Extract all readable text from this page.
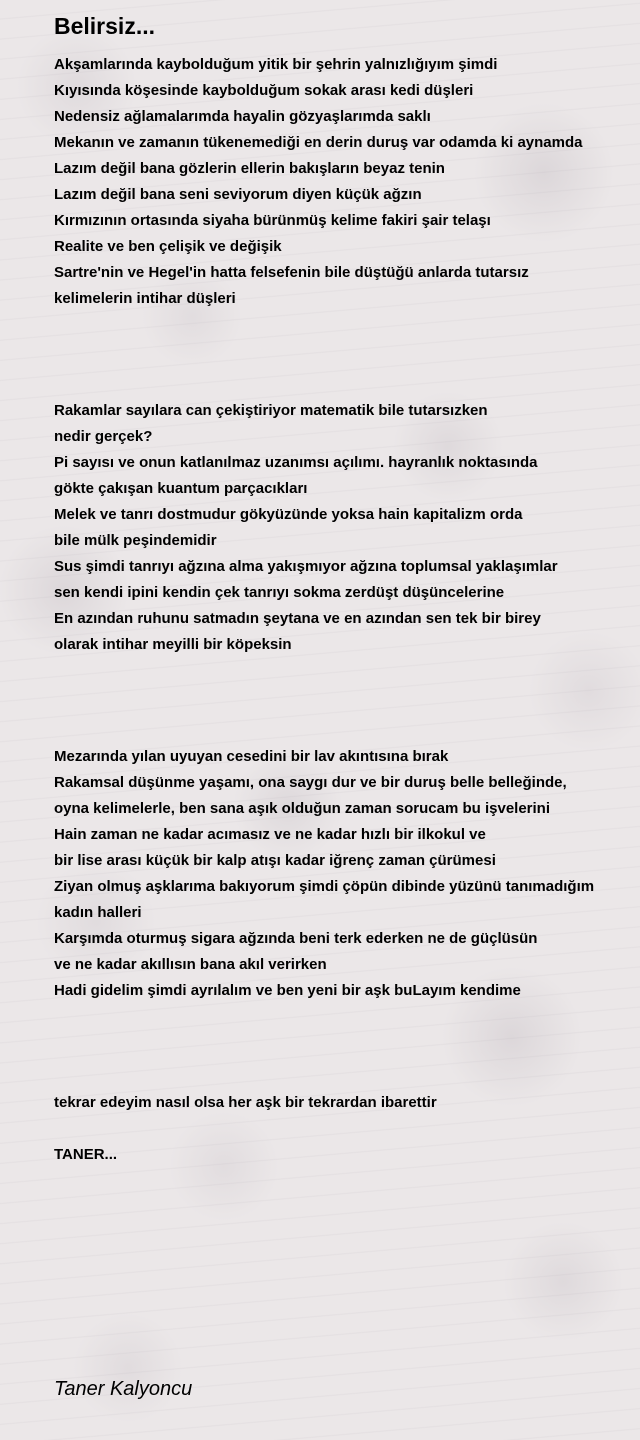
Belirsiz...
Akşamlarında kaybolduğum yitik bir şehrin yalnızlığıyım şimdi
Kıyısında köşesinde kaybolduğum sokak arası kedi düşleri
Nedensiz ağlamalarımda hayalin gözyaşlarımda saklı
Mekanın ve zamanın tükenemediği en derin duruş var odamda ki aynamda
Lazım değil bana gözlerin ellerin bakışların beyaz tenin
Lazım değil bana seni seviyorum diyen küçük ağzın
Kırmızının ortasında siyaha bürünmüş kelime fakiri şair telaşı
Realite ve ben çelişik ve değişik
Sartre'nin ve Hegel'in hatta felsefenin bile düştüğü anlarda tutarsız
kelimelerin intihar düşleri
Rakamlar sayılara can çekiştiriyor matematik bile tutarsızken
nedir gerçek?
Pi sayısı ve onun katlanılmaz uzanımsı açılımı. hayranlık noktasında
gökte çakışan kuantum parçacıkları
Melek ve tanrı dostmudur gökyüzünde yoksa hain kapitalizm orda
bile mülk peşindemidir
Sus şimdi tanrıyı ağzına alma yakışmıyor ağzına toplumsal yaklaşımlar
sen kendi ipini kendin çek tanrıyı sokma zerdüşt düşüncelerine
En azından ruhunu satmadın şeytana ve en azından sen tek bir birey
olarak intihar meyilli bir köpeksin
Mezarında yılan uyuyan cesedini bir lav akıntısına bırak
Rakamsal düşünme yaşamı, ona saygı dur ve bir duruş belle belleğinde,
oyna kelimelerle, ben sana aşık olduğun zaman sorucam bu işvelerini
Hain zaman ne kadar acımasız ve ne kadar hızlı bir ilkokul ve
bir lise arası küçük bir kalp atışı kadar iğrenç zaman çürümesi
Ziyan olmuş aşklarıma bakıyorum şimdi çöpün dibinde yüzünü tanımadığım
kadın halleri
Karşımda oturmuş sigara ağzında beni terk ederken ne de güçlüsün
ve ne kadar akıllısın bana akıl verirken
Hadi gidelim şimdi ayrılalım ve ben yeni bir aşk buLayım kendime
tekrar edeyim nasıl olsa her aşk bir tekrardan ibarettir
TANER...
Taner Kalyoncu
